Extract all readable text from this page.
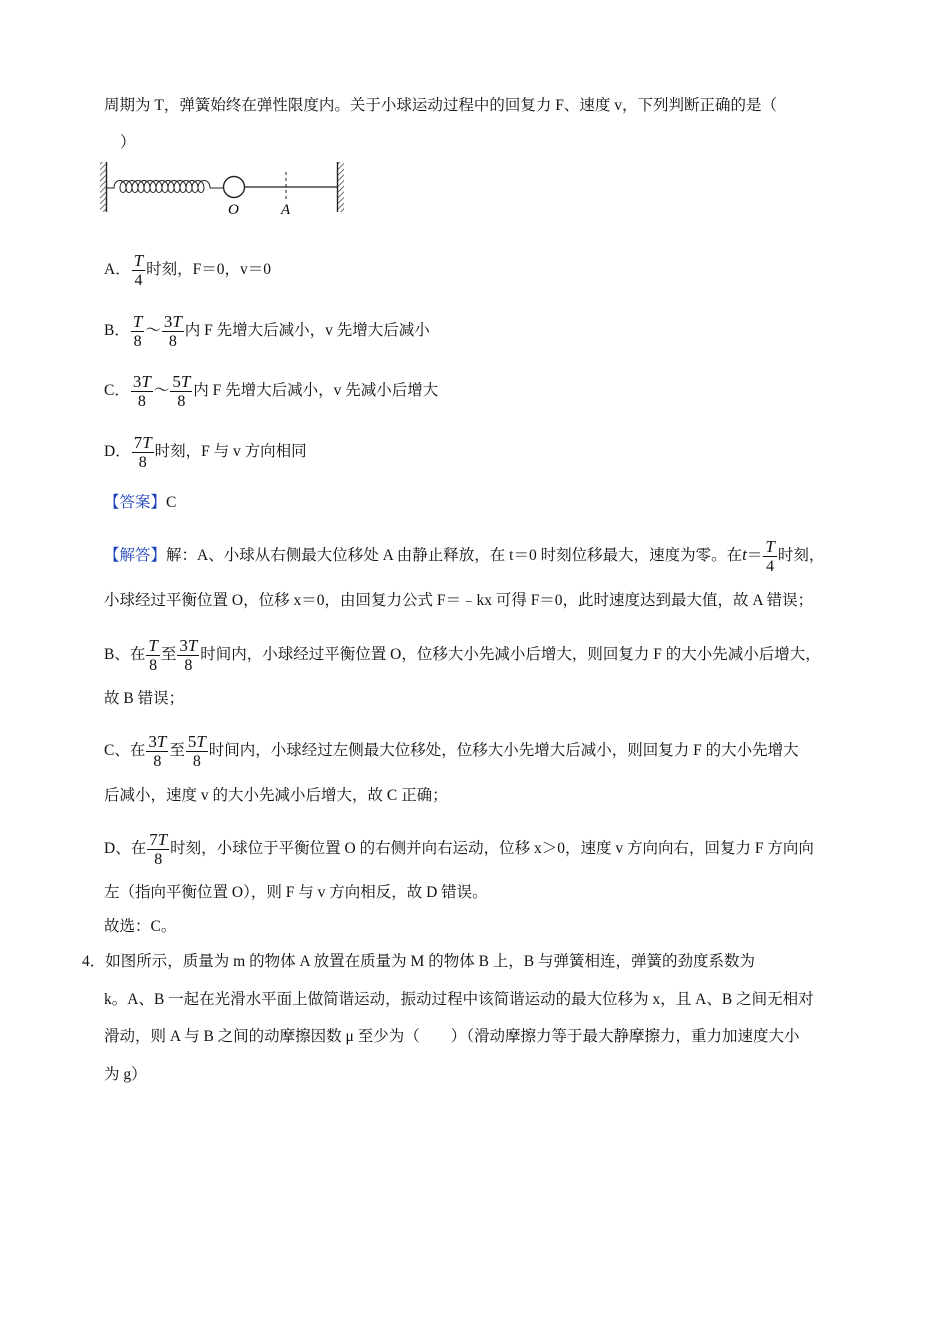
周期为 T，弹簧始终在弹性限度内。关于小球运动过程中的回复力 F、速度 v，下列判断正确的是（
）
O	A
A． $\frac{T}{4}$ 时刻，F＝0，v＝0
B． $\frac{T}{8}$ ～ $\frac{3T}{8}$ 内 F 先增大后减小，v 先增大后减小
C． $\frac{3T}{8}$ ～ $\frac{5T}{8}$ 内 F 先增大后减小，v 先减小后增大
D． $\frac{7T}{8}$ 时刻，F 与 v 方向相同
【答案】C
【解答】解：A、小球从右侧最大位移处 A 由静止释放，在 t＝0 时刻位移最大，速度为零。在$t= \frac{T}{4}$ 时刻，
小球经过平衡位置 O，位移 x＝0，由回复力公式 F＝﹣kx 可得 F＝0，此时速度达到最大值，故 A 错误；
B、在 $\frac{T}{8}$ 至 $\frac{3T}{8}$ 时间内，小球经过平衡位置 O，位移大小先减小后增大，则回复力 F 的大小先减小后增大，
故 B 错误；
C、在 $\frac{3T}{8}$ 至 $\frac{5T}{8}$ 时间内，小球经过左侧最大位移处，位移大小先增大后减小，则回复力 F 的大小先增大
后减小，速度 v 的大小先减小后增大，故 C 正确；
D、在 $\frac{7T}{8}$ 时刻，小球位于平衡位置 O 的右侧并向右运动，位移 x＞0，速度 v 方向向右，回复力 F 方向向
左（指向平衡位置 O），则 F 与 v 方向相反，故 D 错误。
故选：C。
4．如图所示，质量为 m 的物体 A 放置在质量为 M 的物体 B 上，B 与弹簧相连，弹簧的劲度系数为
k。A、B 一起在光滑水平面上做简谐运动，振动过程中该简谐运动的最大位移为 x，且 A、B 之间无相对
滑动，则 A 与 B 之间的动摩擦因数 μ 至少为（　　）（滑动摩擦力等于最大静摩擦力，重力加速度大小
为 g）
